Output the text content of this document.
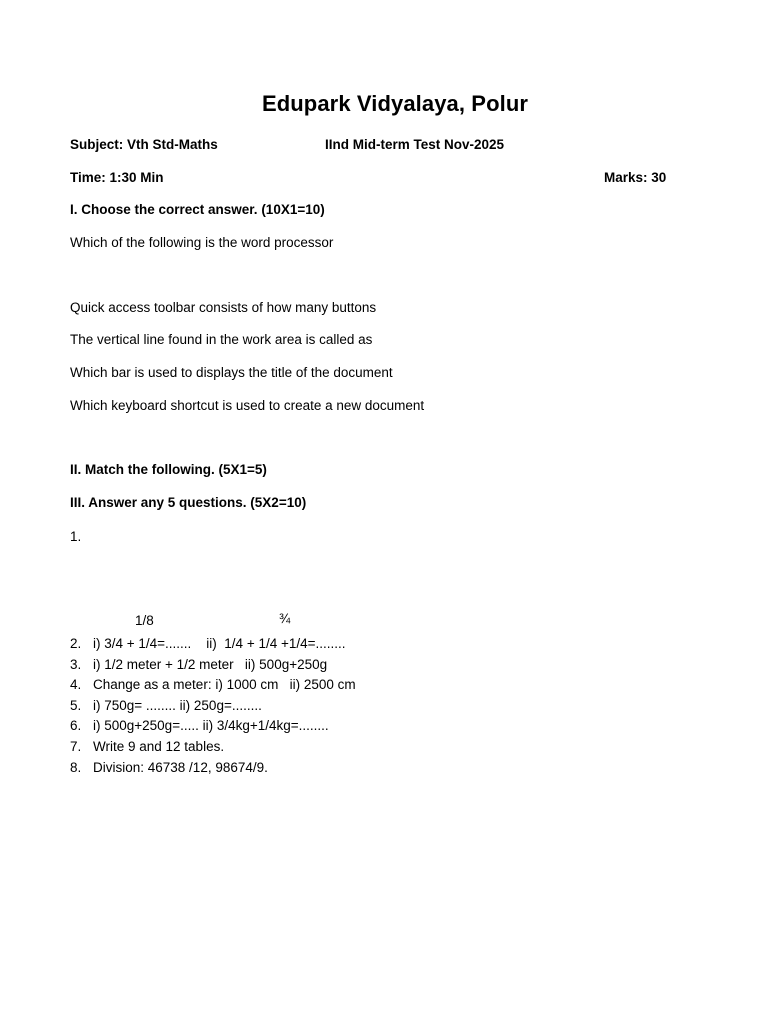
Edupark Vidyalaya, Polur
Subject: Vth Std-Maths	IInd Mid-term Test Nov-2025
Time: 1:30 Min	Marks: 30
I. Choose the correct answer. (10X1=10)
Which of the following is the word processor
Quick access toolbar consists of how many buttons
The vertical line found in the work area is called as
Which bar is used to displays the title of the document
Which keyboard shortcut is used to create a new document
II. Match the following. (5X1=5)
III. Answer any 5 questions. (5X2=10)
1.
1/8	¾
2. i) 3/4 + 1/4=.......    ii)  1/4 + 1/4 +1/4=........
3. i) 1/2 meter + 1/2 meter   ii) 500g+250g
4. Change as a meter: i) 1000 cm   ii) 2500 cm
5. i) 750g= ........ ii) 250g=........
6. i) 500g+250g=..... ii) 3/4kg+1/4kg=........
7. Write 9 and 12 tables.
8. Division: 46738 /12, 98674/9.
